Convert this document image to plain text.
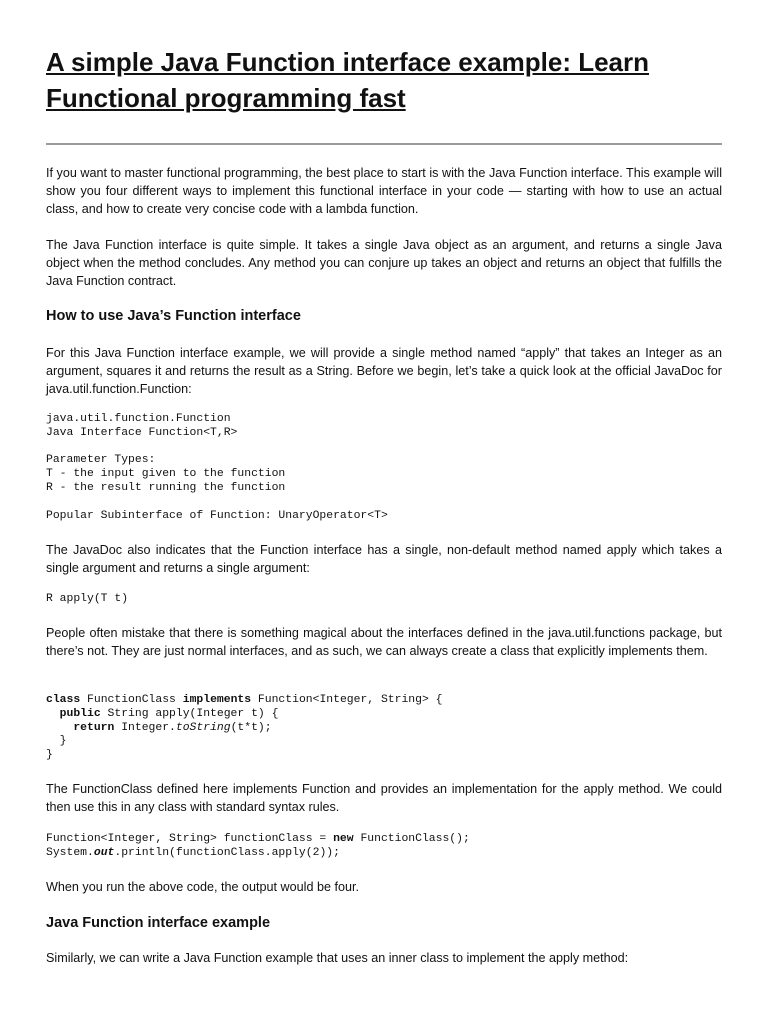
A simple Java Function interface example: Learn Functional programming fast

If you want to master functional programming, the best place to start is with the Java Function interface. This example will show you four different ways to implement this functional interface in your code — starting with how to use an actual class, and how to create very concise code with a lambda function.

The Java Function interface is quite simple. It takes a single Java object as an argument, and returns a single Java object when the method concludes. Any method you can conjure up takes an object and returns an object that fulfills the Java Function contract.

How to use Java’s Function interface

For this Java Function interface example, we will provide a single method named “apply” that takes an Integer as an argument, squares it and returns the result as a String. Before we begin, let’s take a quick look at the official JavaDoc for java.util.function.Function:

java.util.function.Function
Java Interface Function<T,R>

Parameter Types:
T - the input given to the function
R - the result running the function

Popular Subinterface of Function: UnaryOperator<T>

The JavaDoc also indicates that the Function interface has a single, non-default method named apply which takes a single argument and returns a single argument:

R apply(T t)

People often mistake that there is something magical about the interfaces defined in the java.util.functions package, but there’s not. They are just normal interfaces, and as such, we can always create a class that explicitly implements them.

class FunctionClass implements Function<Integer, String> {
public String apply(Integer t) {
return Integer.toString(t*t);
}
}

The FunctionClass defined here implements Function and provides an implementation for the apply method. We could then use this in any class with standard syntax rules.

Function<Integer, String> functionClass = new FunctionClass();
System.out.println(functionClass.apply(2));

When you run the above code, the output would be four.

Java Function interface example

Similarly, we can write a Java Function example that uses an inner class to implement the apply method:
